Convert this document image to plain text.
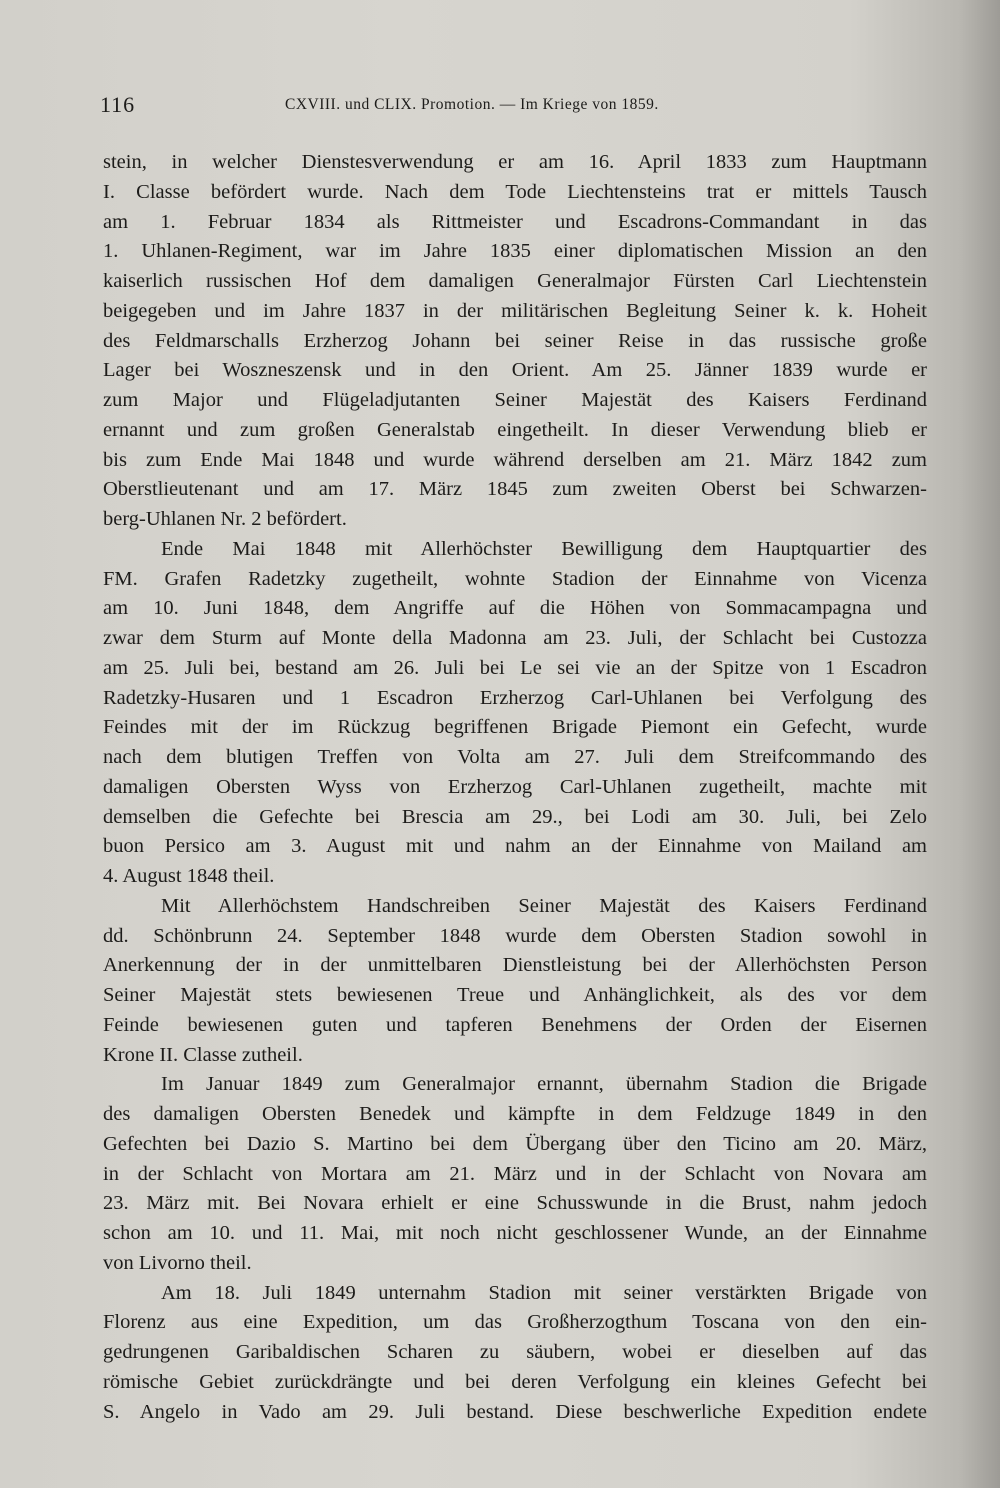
116	CXVIII. und CLIX. Promotion. — Im Kriege von 1859.
stein, in welcher Dienstesverwendung er am 16. April 1833 zum Hauptmann
I. Classe befördert wurde. Nach dem Tode Liechtensteins trat er mittels Tausch
am 1. Februar 1834 als Rittmeister und Escadrons-Commandant in das
1. Uhlanen-Regiment, war im Jahre 1835 einer diplomatischen Mission an den
kaiserlich russischen Hof dem damaligen Generalmajor Fürsten Carl Liechtenstein
beigegeben und im Jahre 1837 in der militärischen Begleitung Seiner k. k. Hoheit
des Feldmarschalls Erzherzog Johann bei seiner Reise in das russische große
Lager bei Woszneszensk und in den Orient. Am 25. Jänner 1839 wurde er
zum Major und Flügeladjutanten Seiner Majestät des Kaisers Ferdinand
ernannt und zum großen Generalstab eingetheilt. In dieser Verwendung blieb er
bis zum Ende Mai 1848 und wurde während derselben am 21. März 1842 zum
Oberstlieutenant und am 17. März 1845 zum zweiten Oberst bei Schwarzen-
berg-Uhlanen Nr. 2 befördert.
Ende Mai 1848 mit Allerhöchster Bewilligung dem Hauptquartier des
FM. Grafen Radetzky zugetheilt, wohnte Stadion der Einnahme von Vicenza
am 10. Juni 1848, dem Angriffe auf die Höhen von Sommacampagna und
zwar dem Sturm auf Monte della Madonna am 23. Juli, der Schlacht bei Custozza
am 25. Juli bei, bestand am 26. Juli bei Le sei vie an der Spitze von 1 Escadron
Radetzky-Husaren und 1 Escadron Erzherzog Carl-Uhlanen bei Verfolgung des
Feindes mit der im Rückzug begriffenen Brigade Piemont ein Gefecht, wurde
nach dem blutigen Treffen von Volta am 27. Juli dem Streifcommando des
damaligen Obersten Wyss von Erzherzog Carl-Uhlanen zugetheilt, machte mit
demselben die Gefechte bei Brescia am 29., bei Lodi am 30. Juli, bei Zelo
buon Persico am 3. August mit und nahm an der Einnahme von Mailand am
4. August 1848 theil.
Mit Allerhöchstem Handschreiben Seiner Majestät des Kaisers Ferdinand
dd. Schönbrunn 24. September 1848 wurde dem Obersten Stadion sowohl in
Anerkennung der in der unmittelbaren Dienstleistung bei der Allerhöchsten Person
Seiner Majestät stets bewiesenen Treue und Anhänglichkeit, als des vor dem
Feinde bewiesenen guten und tapferen Benehmens der Orden der Eisernen
Krone II. Classe zutheil.
Im Januar 1849 zum Generalmajor ernannt, übernahm Stadion die Brigade
des damaligen Obersten Benedek und kämpfte in dem Feldzuge 1849 in den
Gefechten bei Dazio S. Martino bei dem Übergang über den Ticino am 20. März,
in der Schlacht von Mortara am 21. März und in der Schlacht von Novara am
23. März mit. Bei Novara erhielt er eine Schusswunde in die Brust, nahm jedoch
schon am 10. und 11. Mai, mit noch nicht geschlossener Wunde, an der Einnahme
von Livorno theil.
Am 18. Juli 1849 unternahm Stadion mit seiner verstärkten Brigade von
Florenz aus eine Expedition, um das Großherzogthum Toscana von den ein-
gedrungenen Garibaldischen Scharen zu säubern, wobei er dieselben auf das
römische Gebiet zurückdrängte und bei deren Verfolgung ein kleines Gefecht bei
S. Angelo in Vado am 29. Juli bestand. Diese beschwerliche Expedition endete
